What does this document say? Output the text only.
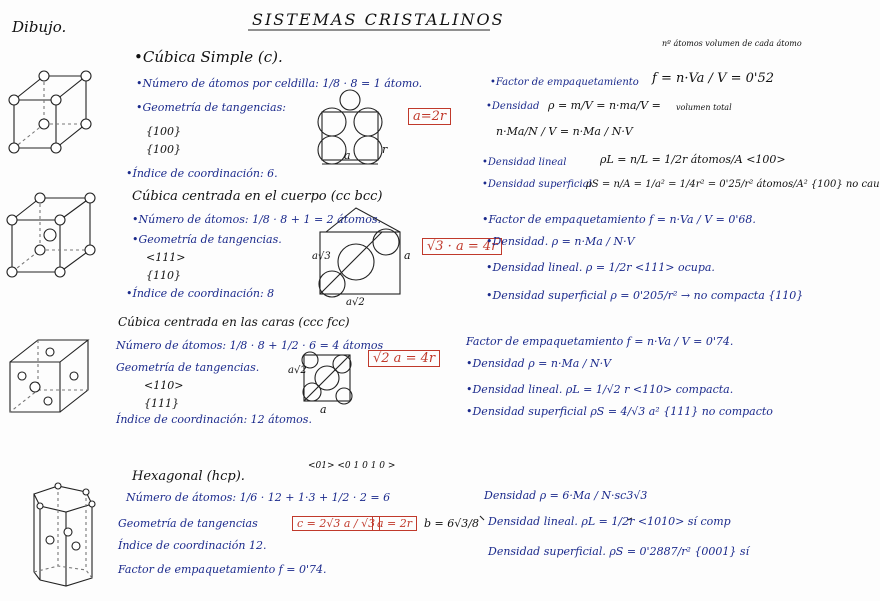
Dibujo.	SISTEMAS CRISTALINOS
•Cúbica Simple (c).
•Número de átomos por celdilla: 1/8 · 8 = 1 átomo.
•Geometría de tangencias:
{100}
{100}
a=2r
a	r
•Índice de coordinación: 6.
nº átomos volumen de cada átomo
•Factor de empaquetamiento f = n·Va / V = 0'52
volumen total
•Densidad ρ = m/V = n·ma/V =
n·Ma/N / V = n·Ma / N·V
•Densidad lineal	ρL = n/L = 1/2r átomos/A <100>
•Densidad superficial
ρS = n/A = 1/a² = 1/4r² = 0'25/r² átomos/A² {100} no cau
Cúbica centrada en el cuerpo (cc bcc)
•Número de átomos: 1/8 · 8 + 1 = 2 átomos.
•Geometría de tangencias.
<111>
{110}
a√3	a
a√2
√3 · a = 4r
•Índice de coordinación: 8
•Factor de empaquetamiento f = n·Va / V = 0'68.
•Densidad. ρ = n·Ma / N·V
•Densidad lineal. ρ = 1/2r <111> ocupa.
•Densidad superficial ρ = 0'205/r² → no compacta {110}
Cúbica centrada en las caras (ccc fcc)
Número de átomos: 1/8 · 8 + 1/2 · 6 = 4 átomos
Geometría de tangencias.
<110>
{111}
a√2
a
√2 a = 4r
Índice de coordinación: 12 átomos.
Factor de empaquetamiento f = n·Va / V = 0'74.
•Densidad ρ = n·Ma / N·V
•Densidad lineal. ρL = 1/√2 r <110> compacta.
•Densidad superficial ρS = 4/√3 a² {111} no compacto
Hexagonal (hcp).
<01> <0 1 0 1 0 >
Número de átomos: 1/6 · 12 + 1·3 + 1/2 · 2 = 6
Geometría de tangencias	c = 2√3 a / √3 a = 2r	b = 6√3/8
Índice de coordinación 12.
Factor de empaquetamiento f = 0'74.
Densidad ρ = 6·Ma / N·sc3√3
Densidad lineal. ρL = 1/2r <1010> sí comp
Densidad superficial. ρS = 0'2887/r² {0001} sí
